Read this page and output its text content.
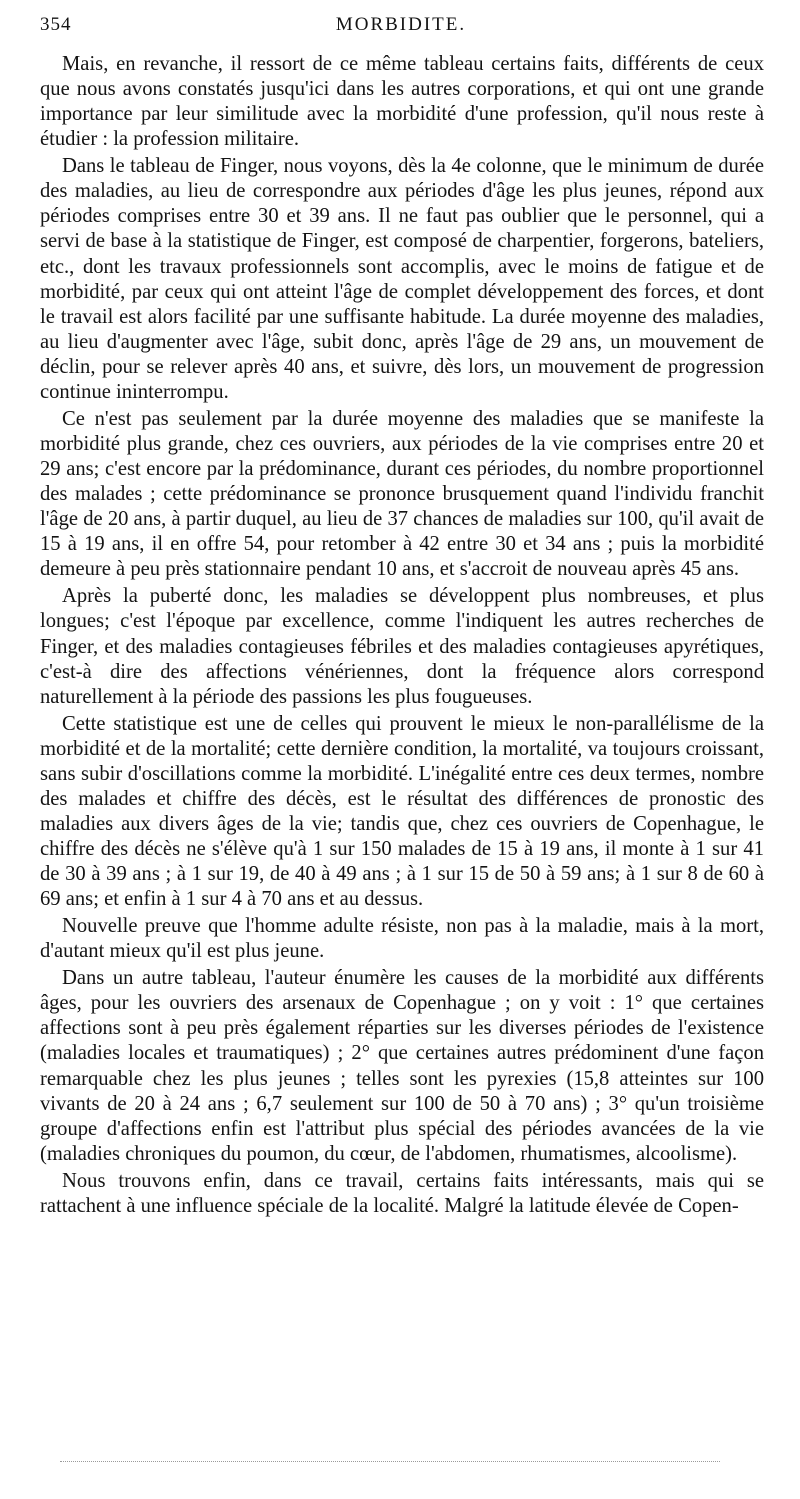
354	MORBIDITE.

Mais, en revanche, il ressort de ce même tableau certains faits, différents de ceux que nous avons constatés jusqu'ici dans les autres corporations, et qui ont une grande importance par leur similitude avec la morbidité d'une profession, qu'il nous reste à étudier : la profession militaire.

Dans le tableau de Finger, nous voyons, dès la 4e colonne, que le minimum de durée des maladies, au lieu de correspondre aux périodes d'âge les plus jeunes, répond aux périodes comprises entre 30 et 39 ans. Il ne faut pas oublier que le personnel, qui a servi de base à la statistique de Finger, est composé de charpentier, forgerons, bateliers, etc., dont les travaux professionnels sont accomplis, avec le moins de fatigue et de morbidité, par ceux qui ont atteint l'âge de complet développement des forces, et dont le travail est alors facilité par une suffisante habitude. La durée moyenne des maladies, au lieu d'augmenter avec l'âge, subit donc, après l'âge de 29 ans, un mouvement de déclin, pour se relever après 40 ans, et suivre, dès lors, un mouvement de progression continue ininterrompu.

Ce n'est pas seulement par la durée moyenne des maladies que se manifeste la morbidité plus grande, chez ces ouvriers, aux périodes de la vie comprises entre 20 et 29 ans; c'est encore par la prédominance, durant ces périodes, du nombre proportionnel des malades ; cette prédominance se prononce brusquement quand l'individu franchit l'âge de 20 ans, à partir duquel, au lieu de 37 chances de maladies sur 100, qu'il avait de 15 à 19 ans, il en offre 54, pour retomber à 42 entre 30 et 34 ans ; puis la morbidité demeure à peu près stationnaire pendant 10 ans, et s'accroit de nouveau après 45 ans.

Après la puberté donc, les maladies se développent plus nombreuses, et plus longues; c'est l'époque par excellence, comme l'indiquent les autres recherches de Finger, et des maladies contagieuses fébriles et des maladies contagieuses apyrétiques, c'est-à dire des affections vénériennes, dont la fréquence alors correspond naturellement à la période des passions les plus fougueuses.

Cette statistique est une de celles qui prouvent le mieux le non-parallélisme de la morbidité et de la mortalité; cette dernière condition, la mortalité, va toujours croissant, sans subir d'oscillations comme la morbidité. L'inégalité entre ces deux termes, nombre des malades et chiffre des décès, est le résultat des différences de pronostic des maladies aux divers âges de la vie; tandis que, chez ces ouvriers de Copenhague, le chiffre des décès ne s'élève qu'à 1 sur 150 malades de 15 à 19 ans, il monte à 1 sur 41 de 30 à 39 ans ; à 1 sur 19, de 40 à 49 ans ; à 1 sur 15 de 50 à 59 ans; à 1 sur 8 de 60 à 69 ans; et enfin à 1 sur 4 à 70 ans et au dessus.

Nouvelle preuve que l'homme adulte résiste, non pas à la maladie, mais à la mort, d'autant mieux qu'il est plus jeune.

Dans un autre tableau, l'auteur énumère les causes de la morbidité aux différents âges, pour les ouvriers des arsenaux de Copenhague ; on y voit : 1° que certaines affections sont à peu près également réparties sur les diverses périodes de l'existence (maladies locales et traumatiques) ; 2° que certaines autres prédominent d'une façon remarquable chez les plus jeunes ; telles sont les pyrexies (15,8 atteintes sur 100 vivants de 20 à 24 ans ; 6,7 seulement sur 100 de 50 à 70 ans) ; 3° qu'un troisième groupe d'affections enfin est l'attribut plus spécial des périodes avancées de la vie (maladies chroniques du poumon, du cœur, de l'abdomen, rhumatismes, alcoolisme).

Nous trouvons enfin, dans ce travail, certains faits intéressants, mais qui se rattachent à une influence spéciale de la localité. Malgré la latitude élevée de Copen-
